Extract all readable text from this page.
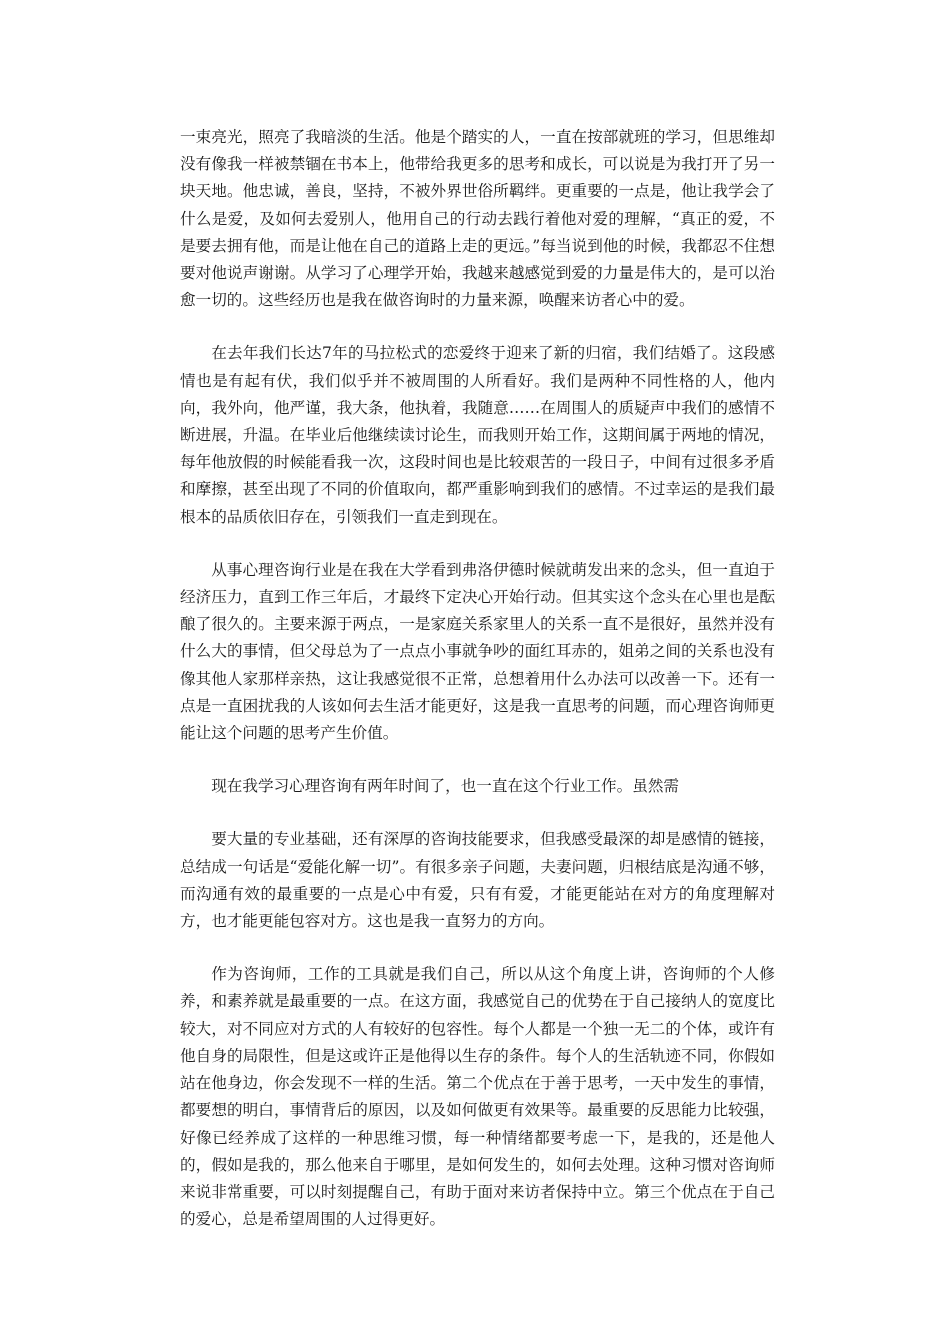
一束亮光，照亮了我暗淡的生活。他是个踏实的人，一直在按部就班的学习，但思维却没有像我一样被禁锢在书本上，他带给我更多的思考和成长，可以说是为我打开了另一块天地。他忠诚，善良，坚持，不被外界世俗所羁绊。更重要的一点是，他让我学会了什么是爱，及如何去爱别人，他用自己的行动去践行着他对爱的理解，“真正的爱，不是要去拥有他，而是让他在自己的道路上走的更远。”每当说到他的时候，我都忍不住想要对他说声谢谢。从学习了心理学开始，我越来越感觉到爱的力量是伟大的，是可以治愈一切的。这些经历也是我在做咨询时的力量来源，唤醒来访者心中的爱。

在去年我们长达7年的马拉松式的恋爱终于迎来了新的归宿，我们结婚了。这段感情也是有起有伏，我们似乎并不被周围的人所看好。我们是两种不同性格的人，他内向，我外向，他严谨，我大条，他执着，我随意……在周围人的质疑声中我们的感情不断进展，升温。在毕业后他继续读讨论生，而我则开始工作，这期间属于两地的情况，每年他放假的时候能看我一次，这段时间也是比较艰苦的一段日子，中间有过很多矛盾和摩擦，甚至出现了不同的价值取向，都严重影响到我们的感情。不过幸运的是我们最根本的品质依旧存在，引领我们一直走到现在。

从事心理咨询行业是在我在大学看到弗洛伊德时候就萌发出来的念头，但一直迫于经济压力，直到工作三年后，才最终下定决心开始行动。但其实这个念头在心里也是酝酿了很久的。主要来源于两点，一是家庭关系家里人的关系一直不是很好，虽然并没有什么大的事情，但父母总为了一点点小事就争吵的面红耳赤的，姐弟之间的关系也没有像其他人家那样亲热，这让我感觉很不正常，总想着用什么办法可以改善一下。还有一点是一直困扰我的人该如何去生活才能更好，这是我一直思考的问题，而心理咨询师更能让这个问题的思考产生价值。

现在我学习心理咨询有两年时间了，也一直在这个行业工作。虽然需

要大量的专业基础，还有深厚的咨询技能要求，但我感受最深的却是感情的链接，总结成一句话是“爱能化解一切”。有很多亲子问题，夫妻问题，归根结底是沟通不够，而沟通有效的最重要的一点是心中有爱，只有有爱，才能更能站在对方的角度理解对方，也才能更能包容对方。这也是我一直努力的方向。

作为咨询师，工作的工具就是我们自己，所以从这个角度上讲，咨询师的个人修养，和素养就是最重要的一点。在这方面，我感觉自己的优势在于自己接纳人的宽度比较大，对不同应对方式的人有较好的包容性。每个人都是一个独一无二的个体，或许有他自身的局限性，但是这或许正是他得以生存的条件。每个人的生活轨迹不同，你假如站在他身边，你会发现不一样的生活。第二个优点在于善于思考，一天中发生的事情，都要想的明白，事情背后的原因，以及如何做更有效果等。最重要的反思能力比较强，好像已经养成了这样的一种思维习惯，每一种情绪都要考虑一下，是我的，还是他人的，假如是我的，那么他来自于哪里，是如何发生的，如何去处理。这种习惯对咨询师来说非常重要，可以时刻提醒自己，有助于面对来访者保持中立。第三个优点在于自己的爱心，总是希望周围的人过得更好。
